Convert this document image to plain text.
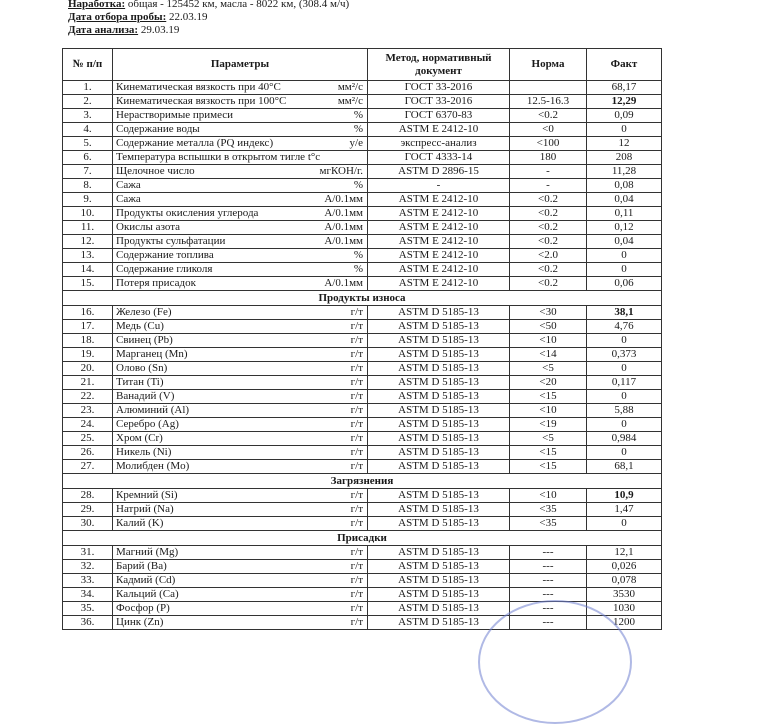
Наработка: общая - 125452 км, масла - 8022 км, (308.4 м/ч)
Дата отбора пробы: 22.03.19
Дата анализа: 29.03.19
№ п/п	Параметры	Метод, нормативный документ	Норма	Факт
1.	Кинематическая вязкость при 40°С мм²/с	ГОСТ 33-2016		68,17
2.	Кинематическая вязкость при 100°С мм²/с	ГОСТ 33-2016	12.5-16.3	12,29
3.	Нерастворимые примеси %	ГОСТ 6370-83	<0.2	0,09
4.	Содержание воды %	ASTM E 2412-10	<0	0
5.	Содержание металла (PQ индекс) у/е	экспресс-анализ	<100	12
6.	Температура вспышки в открытом тигле t°с	ГОСТ 4333-14	180	208
7.	Щелочное число мгКОН/г.	ASTM D 2896-15	-	11,28
8.	Сажа %	-	-	0,08
9.	Сажа А/0.1мм	ASTM E 2412-10	<0.2	0,04
10.	Продукты окисления углерода А/0.1мм	ASTM E 2412-10	<0.2	0,11
11.	Окислы азота А/0.1мм	ASTM E 2412-10	<0.2	0,12
12.	Продукты сульфатации А/0.1мм	ASTM E 2412-10	<0.2	0,04
13.	Содержание топлива %	ASTM E 2412-10	<2.0	0
14.	Содержание гликоля %	ASTM E 2412-10	<0.2	0
15.	Потеря присадок А/0.1мм	ASTM E 2412-10	<0.2	0,06
Продукты износа				
16.	Железо (Fe) г/т	ASTM D 5185-13	<30	38,1
17.	Медь (Cu) г/т	ASTM D 5185-13	<50	4,76
18.	Свинец (Pb) г/т	ASTM D 5185-13	<10	0
19.	Марганец (Mn) г/т	ASTM D 5185-13	<14	0,373
20.	Олово (Sn) г/т	ASTM D 5185-13	<5	0
21.	Титан (Ti) г/т	ASTM D 5185-13	<20	0,117
22.	Ванадий (V) г/т	ASTM D 5185-13	<15	0
23.	Алюминий (Al) г/т	ASTM D 5185-13	<10	5,88
24.	Серебро (Ag) г/т	ASTM D 5185-13	<19	0
25.	Хром (Cr) г/т	ASTM D 5185-13	<5	0,984
26.	Никель (Ni) г/т	ASTM D 5185-13	<15	0
27.	Молибден (Mo) г/т	ASTM D 5185-13	<15	68,1
Загрязнения				
28.	Кремний (Si) г/т	ASTM D 5185-13	<10	10,9
29.	Натрий (Na) г/т	ASTM D 5185-13	<35	1,47
30.	Калий (K) г/т	ASTM D 5185-13	<35	0
Присадки				
31.	Магний (Mg) г/т	ASTM D 5185-13	---	12,1
32.	Барий (Ba) г/т	ASTM D 5185-13	---	0,026
33.	Кадмий (Cd) г/т	ASTM D 5185-13	---	0,078
34.	Кальций (Ca) г/т	ASTM D 5185-13	---	3530
35.	Фосфор (P) г/т	ASTM D 5185-13	---	1030
36.	Цинк (Zn) г/т	ASTM D 5185-13	---	1200
